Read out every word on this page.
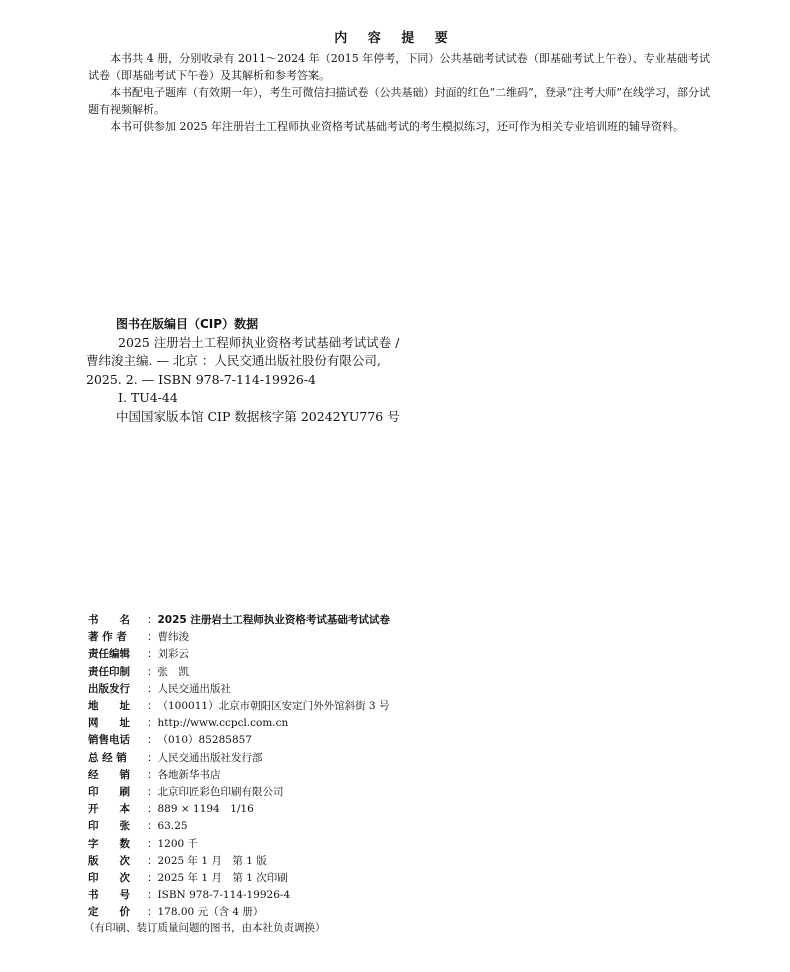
内 容 提 要

本书共 4 册，分别收录有 2011～2024 年（2015 年停考，下同）公共基础考试试卷（即基础考试上午卷）、专业基础考试试卷（即基础考试下午卷）及其解析和参考答案。

本书配电子题库（有效期一年），考生可微信扫描试卷（公共基础）封面的红色“二维码”，登录“注考大师”在线学习，部分试题有视频解析。

本书可供参加 2025 年注册岩土工程师执业资格考试基础考试的考生模拟练习，还可作为相关专业培训班的辅导资料。

图书在版编目（CIP）数据
2025 注册岩土工程师执业资格考试基础考试试卷 /
曹纬浚主编. — 北京 ：人民交通出版社股份有限公司,
2025. 2. — ISBN 978-7-114-19926-4
Ⅰ. TU4-44
中国国家版本馆 CIP 数据核字第 20242YU776 号
书　　名	： 2025 注册岩土工程师执业资格考试基础考试试卷
著 作 者	： 曹纬浚
责任编辑	： 刘彩云
责任印制	： 张　凯
出版发行	： 人民交通出版社
地　　址	： （100011）北京市朝阳区安定门外外馆斜街 3 号
网　　址	： http://www.ccpcl.com.cn
销售电话	： （010）85285857
总 经 销	： 人民交通出版社发行部
经　　销	： 各地新华书店
印　　刷	： 北京印匠彩色印刷有限公司
开　　本	： 889 × 1194　1/16
印　　张	： 63.25
字　　数	： 1200 千
版　　次	： 2025 年 1 月　第 1 版
印　　次	： 2025 年 1 月　第 1 次印刷
书　　号	： ISBN 978-7-114-19926-4
定　　价	： 178.00 元（含 4 册）
（有印刷、装订质量问题的图书，由本社负责调换）
